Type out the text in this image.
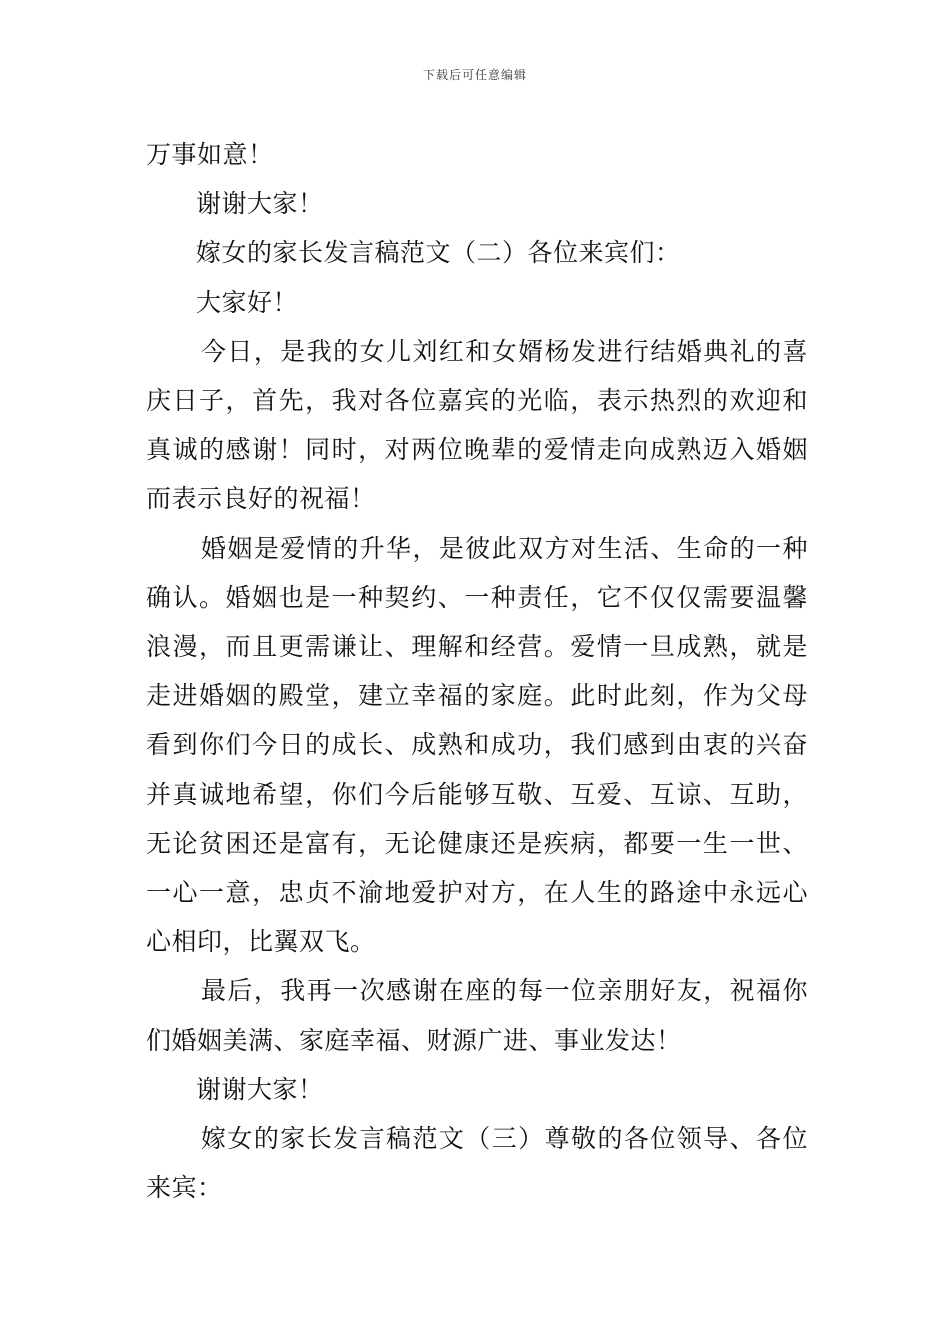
下载后可任意编辑

万事如意！

谢谢大家！

嫁女的家长发言稿范文（二）各位来宾们：

大家好！

今日，是我的女儿刘红和女婿杨发进行结婚典礼的喜庆日子，首先，我对各位嘉宾的光临，表示热烈的欢迎和真诚的感谢！同时，对两位晚辈的爱情走向成熟迈入婚姻而表示良好的祝福！

婚姻是爱情的升华，是彼此双方对生活、生命的一种确认。婚姻也是一种契约、一种责任，它不仅仅需要温馨浪漫，而且更需谦让、理解和经营。爱情一旦成熟，就是走进婚姻的殿堂，建立幸福的家庭。此时此刻，作为父母看到你们今日的成长、成熟和成功，我们感到由衷的兴奋并真诚地希望，你们今后能够互敬、互爱、互谅、互助，无论贫困还是富有，无论健康还是疾病，都要一生一世、一心一意，忠贞不渝地爱护对方，在人生的路途中永远心心相印，比翼双飞。

最后，我再一次感谢在座的每一位亲朋好友，祝福你们婚姻美满、家庭幸福、财源广进、事业发达！

谢谢大家！

嫁女的家长发言稿范文（三）尊敬的各位领导、各位来宾：
